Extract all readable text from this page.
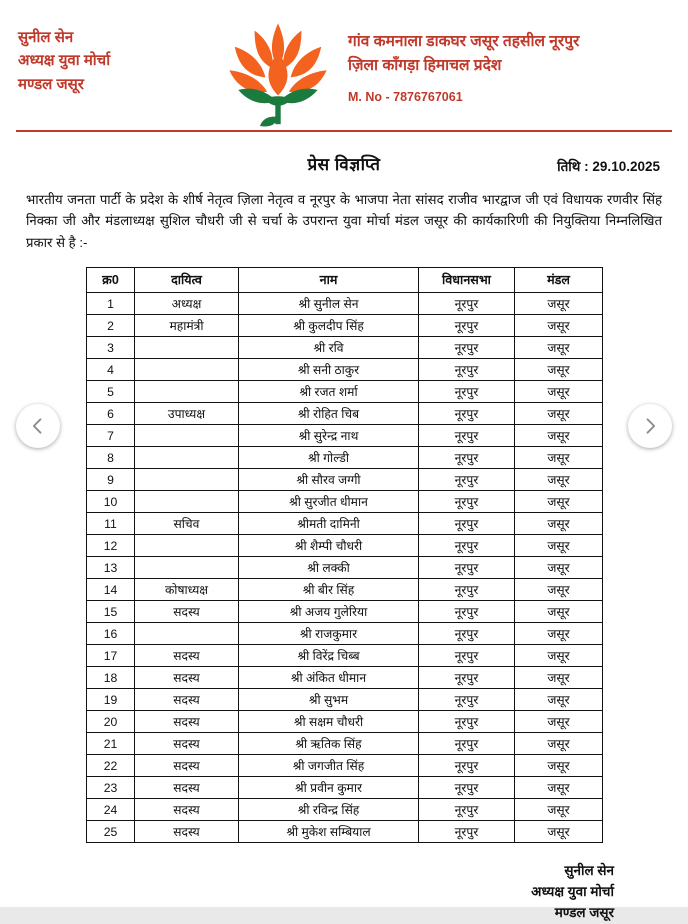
सुनील सेन
अध्यक्ष युवा मोर्चा
मण्डल जसूर
गांव कमनाला डाकघर जसूर तहसील नूरपुर
ज़िला काँगड़ा हिमाचल प्रदेश
M. No - 7876767061
प्रेस विज्ञप्ति	तिथि : 29.10.2025
भारतीय जनता पार्टी के प्रदेश के शीर्ष नेतृत्व ज़िला नेतृत्व व नूरपुर के भाजपा नेता सांसद राजीव भारद्वाज जी एवं विधायक रणवीर सिंह निक्का जी और मंडलाध्यक्ष सुशिल चौधरी जी से चर्चा के उपरान्त युवा मोर्चा मंडल जसूर की कार्यकारिणी की नियुक्तिया निम्नलिखित प्रकार से है :-
क्र0	दायित्व	नाम	विधानसभा	मंडल
1	अध्यक्ष	श्री सुनील सेन	नूरपुर	जसूर
2	महामंत्री	श्री कुलदीप सिंह	नूरपुर	जसूर
3		श्री रवि	नूरपुर	जसूर
4		श्री सनी ठाकुर	नूरपुर	जसूर
5		श्री रजत शर्मा	नूरपुर	जसूर
6	उपाध्यक्ष	श्री रोहित चिब	नूरपुर	जसूर
7		श्री सुरेन्द्र नाथ	नूरपुर	जसूर
8		श्री गोल्डी	नूरपुर	जसूर
9		श्री सौरव जग्गी	नूरपुर	जसूर
10		श्री सुरजीत धीमान	नूरपुर	जसूर
11	सचिव	श्रीमती दामिनी	नूरपुर	जसूर
12		श्री शैम्पी चौधरी	नूरपुर	जसूर
13		श्री लक्की	नूरपुर	जसूर
14	कोषाध्यक्ष	श्री बीर सिंह	नूरपुर	जसूर
15	सदस्य	श्री अजय गुलेरिया	नूरपुर	जसूर
16		श्री राजकुमार	नूरपुर	जसूर
17	सदस्य	श्री विरेंद्र चिब्ब	नूरपुर	जसूर
18	सदस्य	श्री अंकित धीमान	नूरपुर	जसूर
19	सदस्य	श्री सुभम	नूरपुर	जसूर
20	सदस्य	श्री सक्षम चौधरी	नूरपुर	जसूर
21	सदस्य	श्री ऋतिक सिंह	नूरपुर	जसूर
22	सदस्य	श्री जगजीत सिंह	नूरपुर	जसूर
23	सदस्य	श्री प्रवीन कुमार	नूरपुर	जसूर
24	सदस्य	श्री रविन्द्र सिंह	नूरपुर	जसूर
25	सदस्य	श्री मुकेश सम्बियाल	नूरपुर	जसूर
सुनील सेन
अध्यक्ष युवा मोर्चा
मण्डल जसूर
